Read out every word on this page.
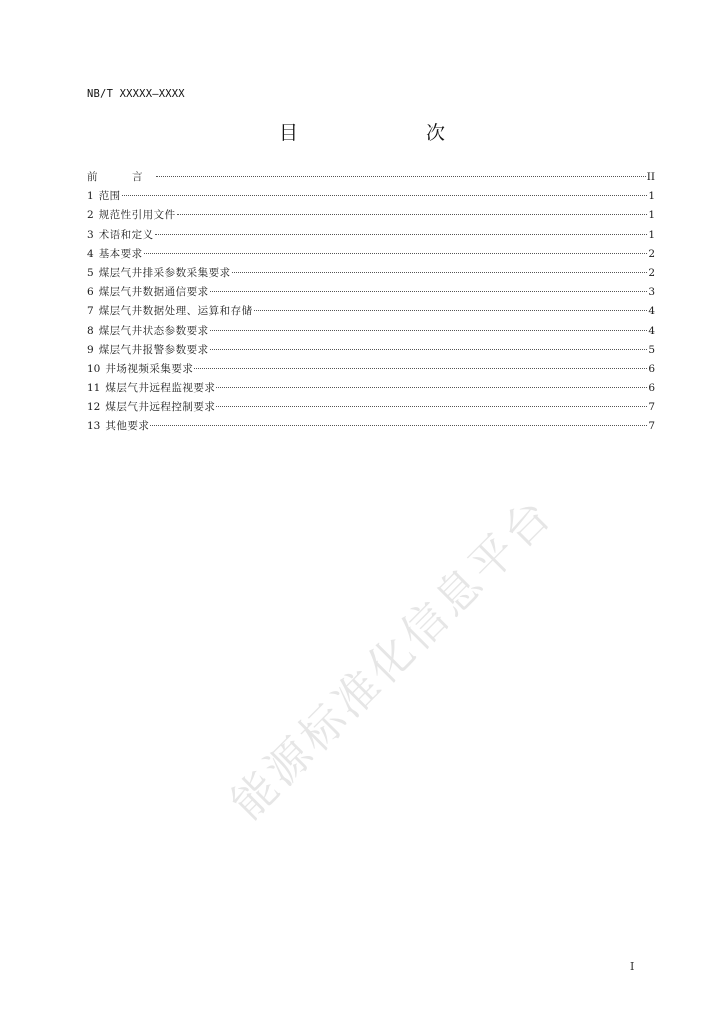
NB/T XXXXX—XXXX
目　　次
前　言	II
1 范围	1
2 规范性引用文件	1
3 术语和定义	1
4 基本要求	2
5 煤层气井排采参数采集要求	2
6 煤层气井数据通信要求	3
7 煤层气井数据处理、运算和存储	4
8 煤层气井状态参数要求	4
9 煤层气井报警参数要求	5
10 井场视频采集要求	6
11 煤层气井远程监视要求	6
12 煤层气井远程控制要求	7
13 其他要求	7
能源标准化信息平台
I
